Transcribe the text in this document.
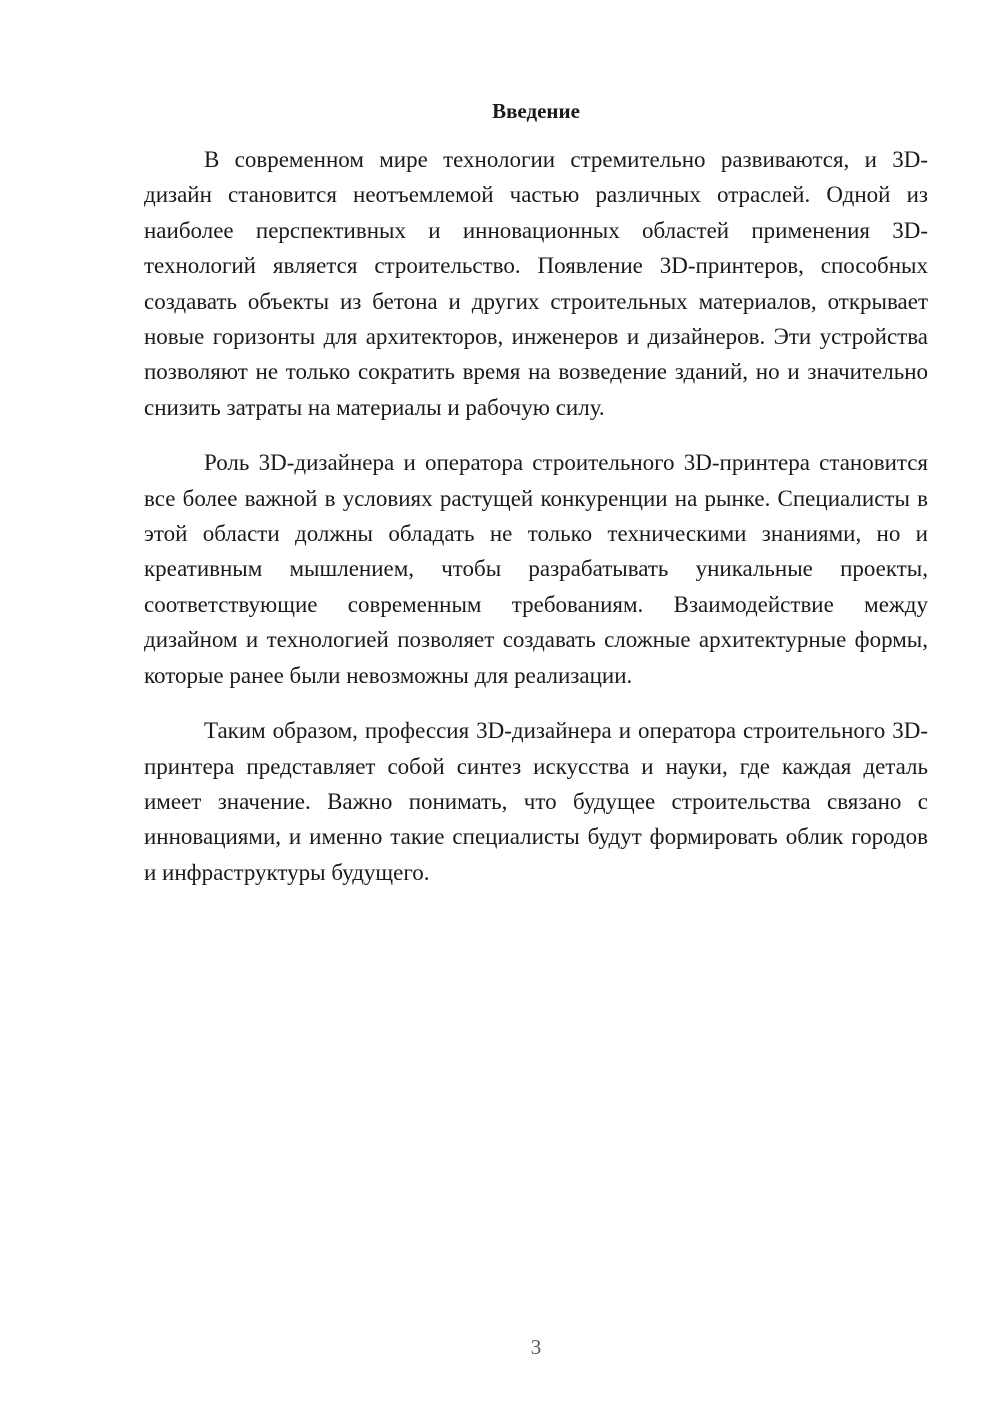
Введение

В современном мире технологии стремительно развиваются, и 3D-дизайн становится неотъемлемой частью различных отраслей. Одной из наиболее перспективных и инновационных областей применения 3D-технологий является строительство. Появление 3D-принтеров, способных создавать объекты из бетона и других строительных материалов, открывает новые горизонты для архитекторов, инженеров и дизайнеров. Эти устройства позволяют не только сократить время на возведение зданий, но и значительно снизить затраты на материалы и рабочую силу.

Роль 3D-дизайнера и оператора строительного 3D-принтера становится все более важной в условиях растущей конкуренции на рынке. Специалисты в этой области должны обладать не только техническими знаниями, но и креативным мышлением, чтобы разрабатывать уникальные проекты, соответствующие современным требованиям. Взаимодействие между дизайном и технологией позволяет создавать сложные архитектурные формы, которые ранее были невозможны для реализации.

Таким образом, профессия 3D-дизайнера и оператора строительного 3D-принтера представляет собой синтез искусства и науки, где каждая деталь имеет значение. Важно понимать, что будущее строительства связано с инновациями, и именно такие специалисты будут формировать облик городов и инфраструктуры будущего.

3
